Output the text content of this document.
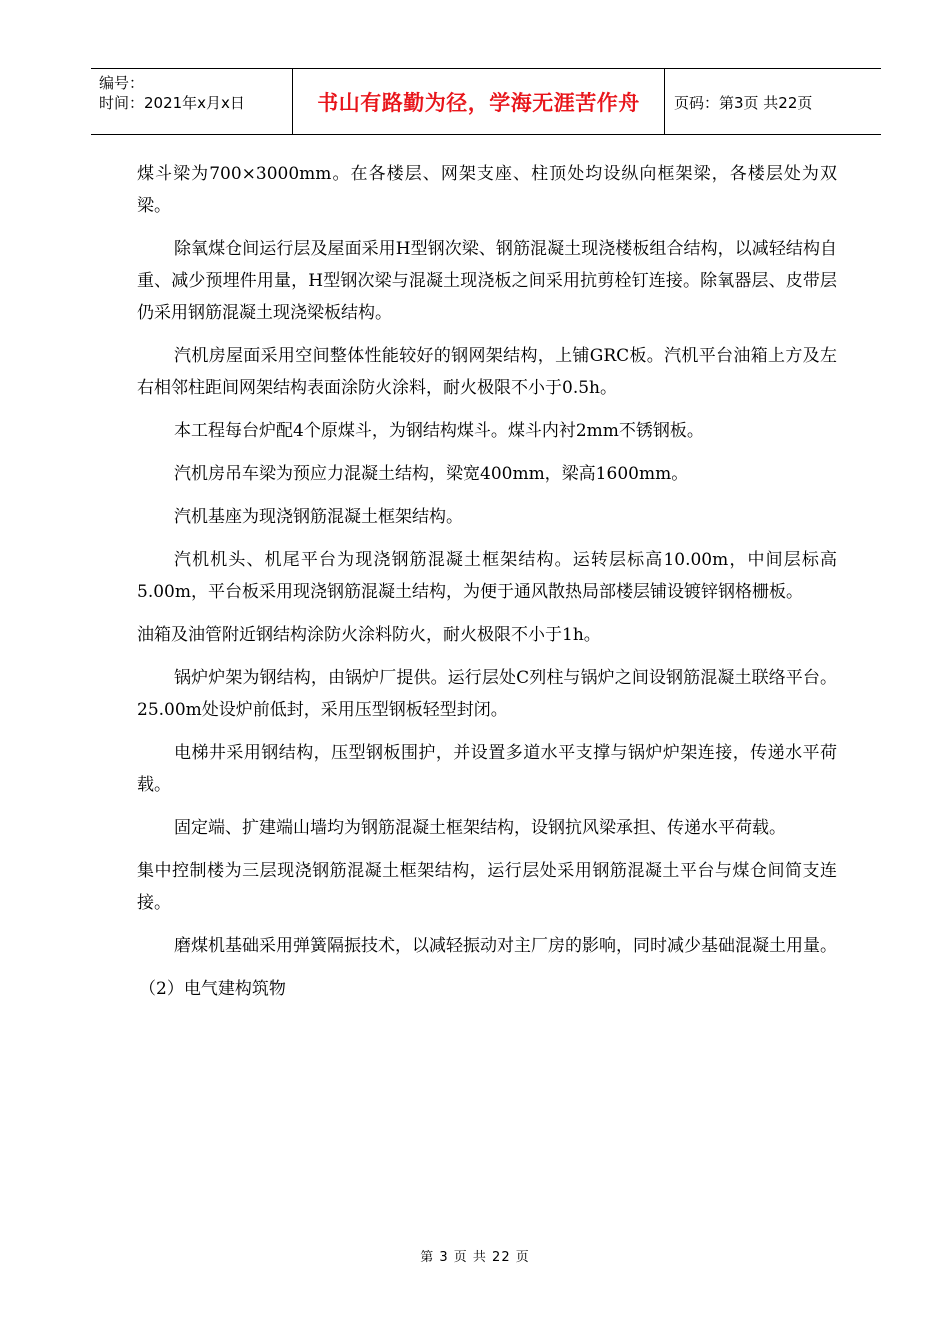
编号：
时间：2021年x月x日	书山有路勤为径，学海无涯苦作舟	页码：第3页 共22页

煤斗梁为700×3000mm。在各楼层、网架支座、柱顶处均设纵向框架梁，各楼层处为双梁。

除氧煤仓间运行层及屋面采用H型钢次梁、钢筋混凝土现浇楼板组合结构，以减轻结构自重、减少预埋件用量，H型钢次梁与混凝土现浇板之间采用抗剪栓钉连接。除氧器层、皮带层仍采用钢筋混凝土现浇梁板结构。

汽机房屋面采用空间整体性能较好的钢网架结构，上铺GRC板。汽机平台油箱上方及左右相邻柱距间网架结构表面涂防火涂料，耐火极限不小于0.5h。

本工程每台炉配4个原煤斗，为钢结构煤斗。煤斗内衬2mm不锈钢板。

汽机房吊车梁为预应力混凝土结构，梁宽400mm，梁高1600mm。

汽机基座为现浇钢筋混凝土框架结构。

汽机机头、机尾平台为现浇钢筋混凝土框架结构。运转层标高10.00m，中间层标高5.00m，平台板采用现浇钢筋混凝土结构，为便于通风散热局部楼层铺设镀锌钢格栅板。

油箱及油管附近钢结构涂防火涂料防火，耐火极限不小于1h。

锅炉炉架为钢结构，由锅炉厂提供。运行层处C列柱与锅炉之间设钢筋混凝土联络平台。25.00m处设炉前低封，采用压型钢板轻型封闭。

电梯井采用钢结构，压型钢板围护，并设置多道水平支撑与锅炉炉架连接，传递水平荷载。

固定端、扩建端山墙均为钢筋混凝土框架结构，设钢抗风梁承担、传递水平荷载。

集中控制楼为三层现浇钢筋混凝土框架结构，运行层处采用钢筋混凝土平台与煤仓间简支连接。

磨煤机基础采用弹簧隔振技术，以减轻振动对主厂房的影响，同时减少基础混凝土用量。

（2）电气建构筑物

第 3 页 共 22 页
